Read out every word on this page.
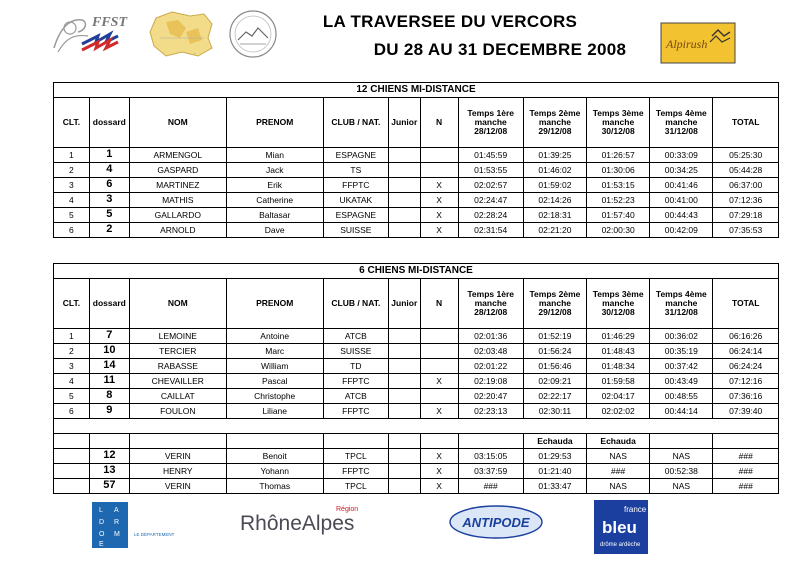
FFST
.
LA TRAVERSEE DU VERCORS
DU 28 AU 31 DECEMBRE 2008	Alpirush
12 CHIENS MI-DISTANCE											
CLT.	dossard	NOM	PRENOM	CLUB / NAT.	Junior	N	Temps 1ère manche 28/12/08	Temps 2ème manche 29/12/08	Temps 3ème manche 30/12/08	Temps 4ème manche 31/12/08	TOTAL
1	1	ARMENGOL	Mian	ESPAGNE			01:45:59	01:39:25	01:26:57	00:33:09	05:25:30
2	4	GASPARD	Jack	TS			01:53:55	01:46:02	01:30:06	00:34:25	05:44:28
3	6	MARTINEZ	Erik	FFPTC		X	02:02:57	01:59:02	01:53:15	00:41:46	06:37:00
4	3	MATHIS	Catherine	UKATAK		X	02:24:47	02:14:26	01:52:23	00:41:00	07:12:36
5	5	GALLARDO	Baltasar	ESPAGNE		X	02:28:24	02:18:31	01:57:40	00:44:43	07:29:18
6	2	ARNOLD	Dave	SUISSE		X	02:31:54	02:21:20	02:00:30	00:42:09	07:35:53
6 CHIENS MI-DISTANCE											
CLT.	dossard	NOM	PRENOM	CLUB / NAT.	Junior	N	Temps 1ère manche 28/12/08	Temps 2ème manche 29/12/08	Temps 3ème manche 30/12/08	Temps 4ème manche 31/12/08	TOTAL
1	7	LEMOINE	Antoine	ATCB			02:01:36	01:52:19	01:46:29	00:36:02	06:16:26
2	10	TERCIER	Marc	SUISSE			02:03:48	01:56:24	01:48:43	00:35:19	06:24:14
3	14	RABASSE	William	TD			02:01:22	01:56:46	01:48:34	00:37:42	06:24:24
4	11	CHEVAILLER	Pascal	FFPTC		X	02:19:08	02:09:21	01:59:58	00:43:49	07:12:16
5	8	CAILLAT	Christophe	ATCB			02:20:47	02:22:17	02:04:17	00:48:55	07:36:16
6	9	FOULON	Liliane	FFPTC		X	02:23:13	02:30:11	02:02:02	00:44:14	07:39:40

								Echauda	Echauda		
	12	VERIN	Benoit	TPCL		X	03:15:05	01:29:53	NAS	NAS	###
	13	HENRY	Yohann	FFPTC		X	03:37:59	01:21:40	###	00:52:38	###
	57	VERIN	Thomas	TPCL		X	###	01:33:47	NAS	NAS	###
L A
D R
O M
E
LE DÉPARTEMENT
Région
RhôneAlpes	ANTIPODE
france
bleu
drôme ardèche
